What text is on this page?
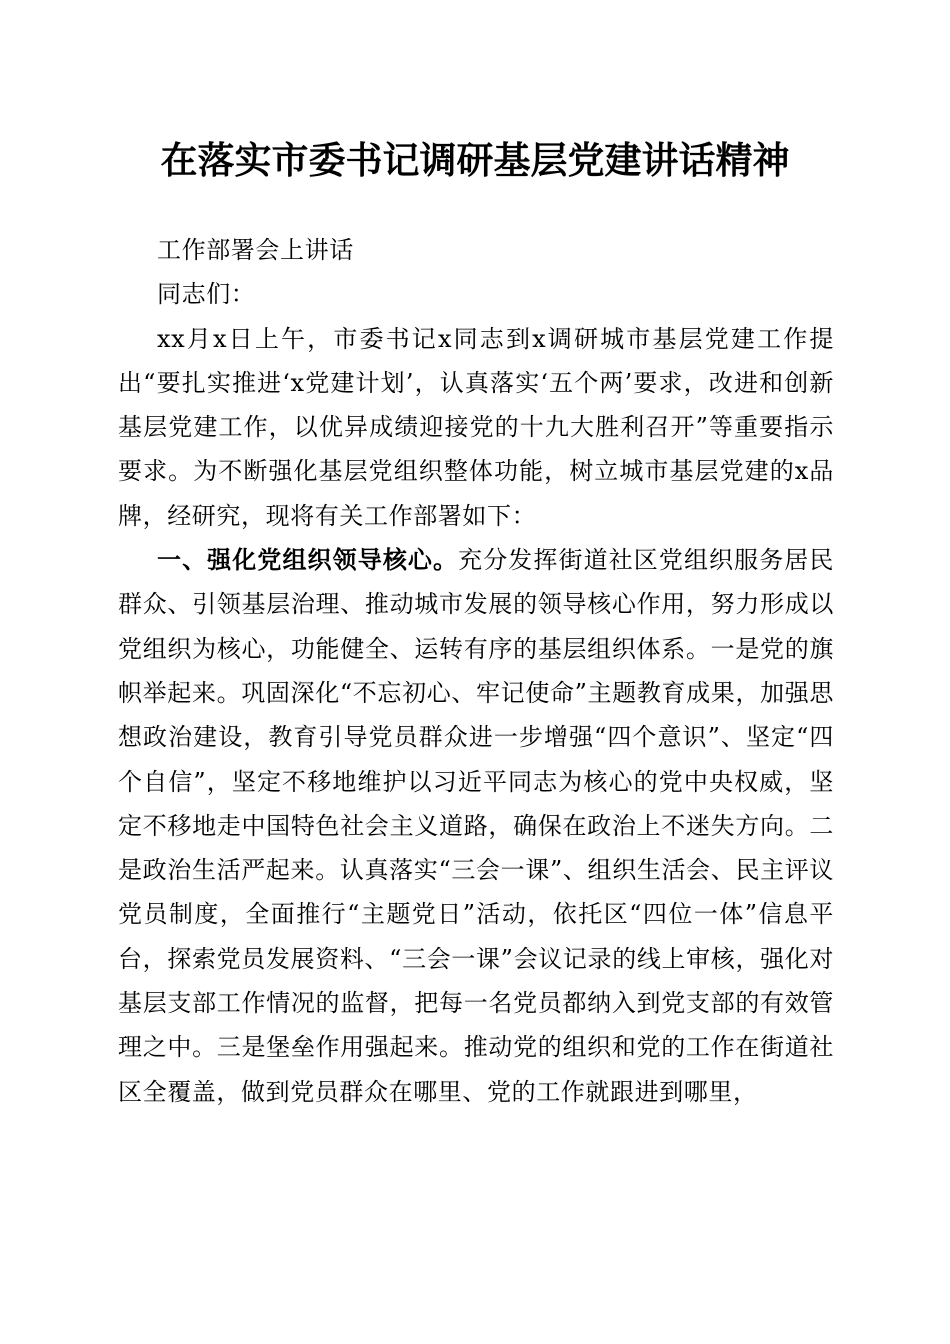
在落实市委书记调研基层党建讲话精神

工作部署会上讲话

同志们：

xx月x日上午，市委书记x同志到x调研城市基层党建工作提出“要扎实推进‘x党建计划’，认真落实‘五个两’要求，改进和创新基层党建工作，以优异成绩迎接党的十九大胜利召开”等重要指示要求。为不断强化基层党组织整体功能，树立城市基层党建的x品牌，经研究，现将有关工作部署如下：

一、强化党组织领导核心。充分发挥街道社区党组织服务居民群众、引领基层治理、推动城市发展的领导核心作用，努力形成以党组织为核心，功能健全、运转有序的基层组织体系。一是党的旗帜举起来。巩固深化“不忘初心、牢记使命”主题教育成果，加强思想政治建设，教育引导党员群众进一步增强“四个意识”、坚定“四个自信”，坚定不移地维护以习近平同志为核心的党中央权威，坚定不移地走中国特色社会主义道路，确保在政治上不迷失方向。二是政治生活严起来。认真落实“三会一课”、组织生活会、民主评议党员制度，全面推行“主题党日”活动，依托区“四位一体”信息平台，探索党员发展资料、“三会一课”会议记录的线上审核，强化对基层支部工作情况的监督，把每一名党员都纳入到党支部的有效管理之中。三是堡垒作用强起来。推动党的组织和党的工作在街道社区全覆盖，做到党员群众在哪里、党的工作就跟进到哪里，
